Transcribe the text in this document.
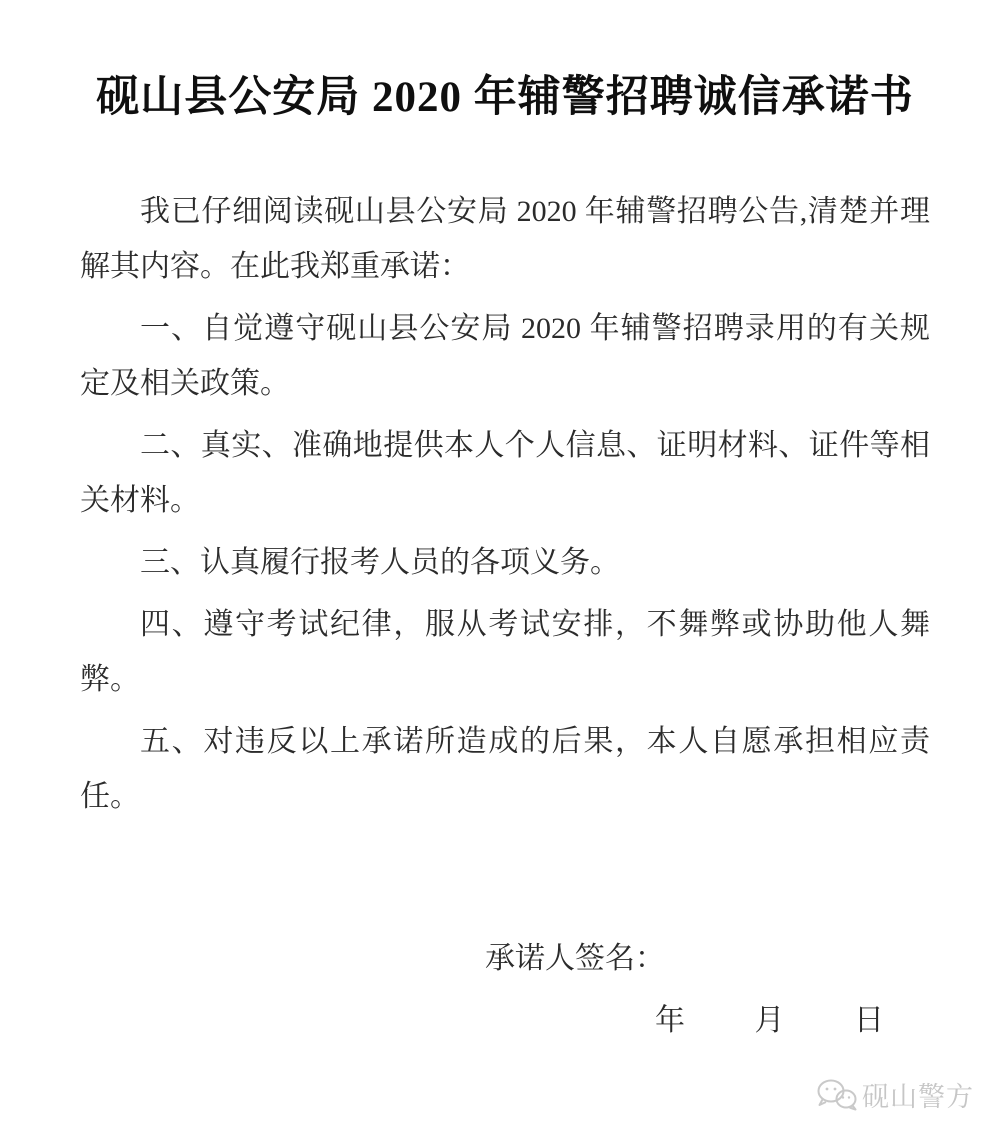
砚山县公安局 2020 年辅警招聘诚信承诺书

我已仔细阅读砚山县公安局 2020 年辅警招聘公告,清楚并理解其内容。在此我郑重承诺：

一、自觉遵守砚山县公安局 2020 年辅警招聘录用的有关规定及相关政策。

二、真实、准确地提供本人个人信息、证明材料、证件等相关材料。

三、认真履行报考人员的各项义务。

四、遵守考试纪律，服从考试安排，不舞弊或协助他人舞弊。

五、对违反以上承诺所造成的后果，本人自愿承担相应责任。

承诺人签名：
年 月 日
砚山警方
